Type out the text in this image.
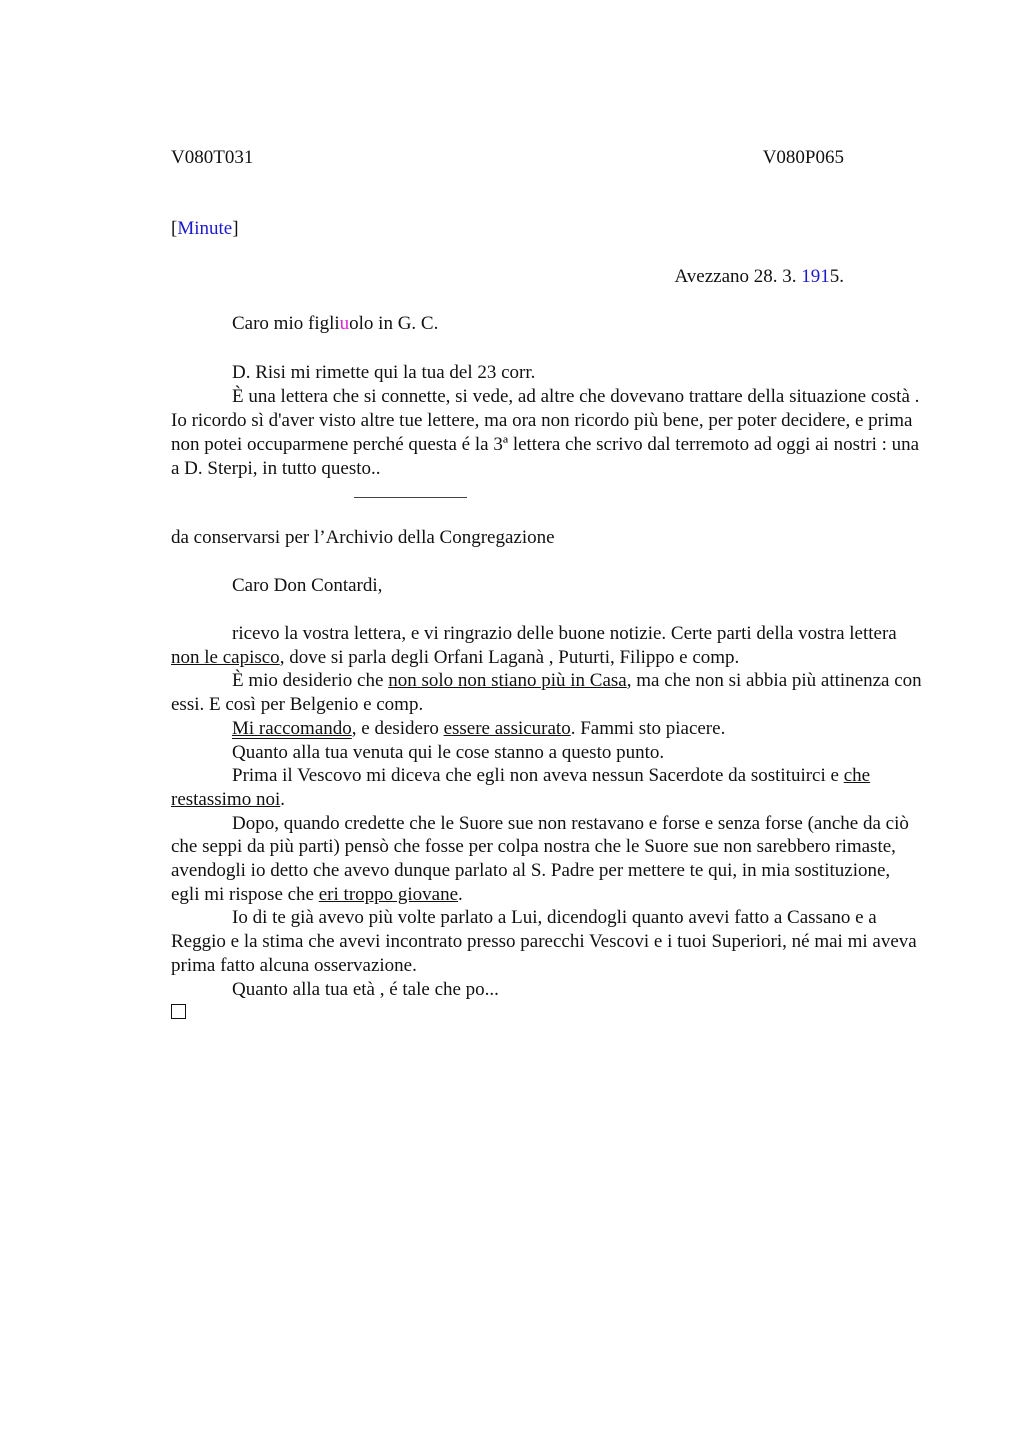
V080T031	V080P065
[Minute]
Avezzano 28. 3. 1915.
Caro mio figliuolo in G. C.

D. Risi mi rimette qui la tua del 23 corr.

È una lettera che si connette, si vede, ad altre che dovevano trattare della situazione costà . Io ricordo sì d'aver visto altre tue lettere, ma ora non ricordo più bene, per poter decidere, e prima non potei occuparmene perché questa é la 3ª lettera che scrivo dal terremoto ad oggi ai nostri : una a D. Sterpi, in tutto questo..

da conservarsi per l’Archivio della Congregazione
Caro Don Contardi,

ricevo la vostra lettera, e vi ringrazio delle buone notizie. Certe parti della vostra lettera non le capisco, dove si parla degli Orfani Laganà , Puturti, Filippo e comp.

È mio desiderio che non solo non stiano più in Casa, ma che non si abbia più attinenza con essi. E così per Belgenio e comp.

Mi raccomando, e desidero essere assicurato. Fammi sto piacere.

Quanto alla tua venuta qui le cose stanno a questo punto.

Prima il Vescovo mi diceva che egli non aveva nessun Sacerdote da sostituirci e che restassimo noi.

Dopo, quando credette che le Suore sue non restavano e forse e senza forse (anche da ciò che seppi da più parti) pensò che fosse per colpa nostra che le Suore sue non sarebbero rimaste, avendogli io detto che avevo dunque parlato al S. Padre per mettere te qui, in mia sostituzione, egli mi rispose che eri troppo giovane.

Io di te già avevo più volte parlato a Lui, dicendogli quanto avevi fatto a Cassano e a Reggio e la stima che avevi incontrato presso parecchi Vescovi e i tuoi Superiori, né mai mi aveva prima fatto alcuna osservazione.

Quanto alla tua età , é tale che po...
